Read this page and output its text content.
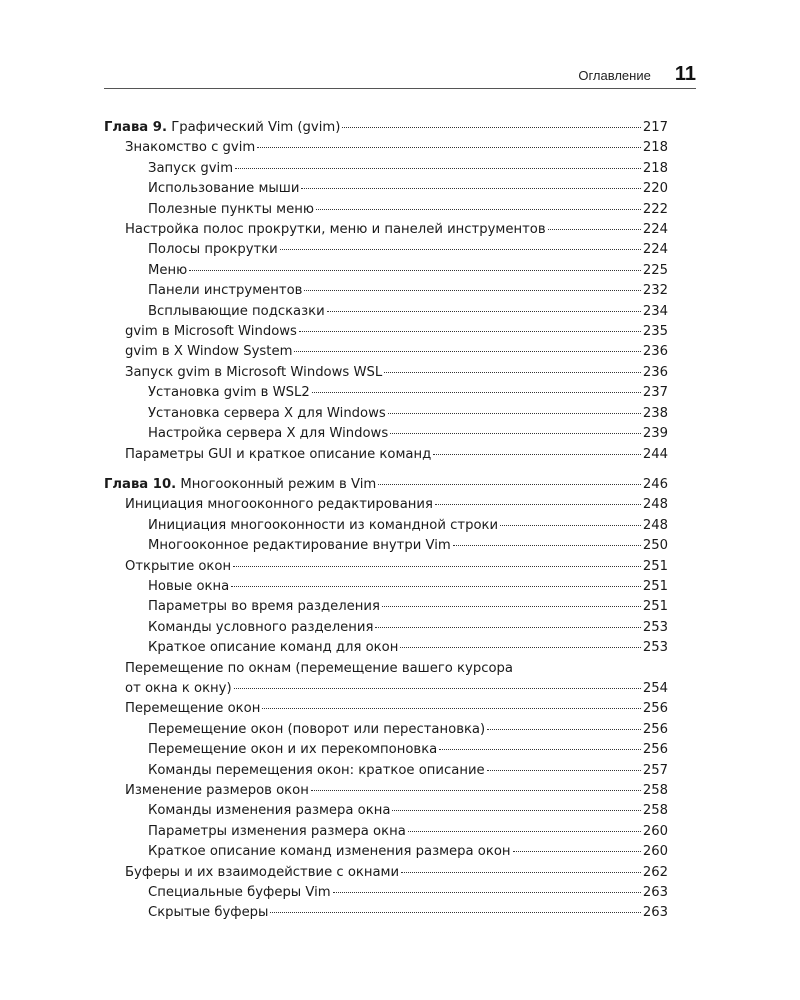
Оглавление 11
Глава 9. Графический Vim (gvim)	217
Знакомство с gvim	218
Запуск gvim	218
Использование мыши	220
Полезные пункты меню	222
Настройка полос прокрутки, меню и панелей инструментов	224
Полосы прокрутки	224
Меню	225
Панели инструментов	232
Всплывающие подсказки	234
gvim в Microsoft Windows	235
gvim в X Window System	236
Запуск gvim в Microsoft Windows WSL	236
Установка gvim в WSL2	237
Установка сервера X для Windows	238
Настройка сервера X для Windows	239
Параметры GUI и краткое описание команд	244
Глава 10. Многооконный режим в Vim	246
Инициация многооконного редактирования	248
Инициация многооконности из командной строки	248
Многооконное редактирование внутри Vim	250
Открытие окон	251
Новые окна	251
Параметры во время разделения	251
Команды условного разделения	253
Краткое описание команд для окон	253
Перемещение по окнам (перемещение вашего курсора
от окна к окну)	254
Перемещение окон	256
Перемещение окон (поворот или перестановка)	256
Перемещение окон и их перекомпоновка	256
Команды перемещения окон: краткое описание	257
Изменение размеров окон	258
Команды изменения размера окна	258
Параметры изменения размера окна	260
Краткое описание команд изменения размера окон	260
Буферы и их взаимодействие с окнами	262
Специальные буферы Vim	263
Скрытые буферы	263
